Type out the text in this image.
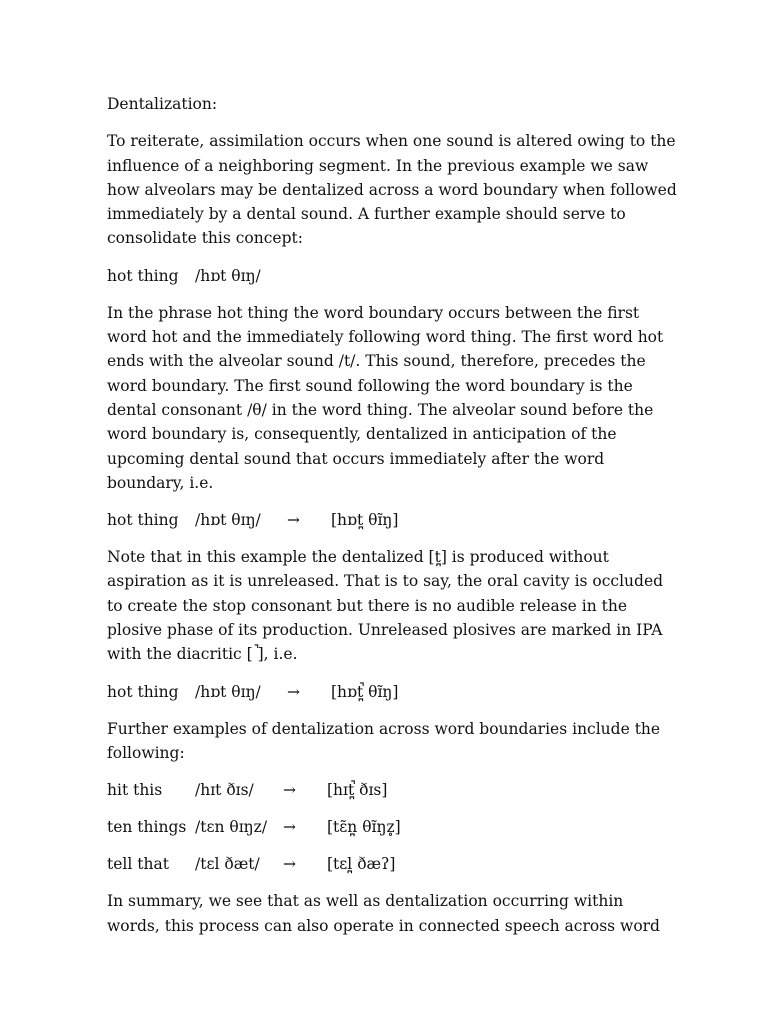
Dentalization:

To reiterate, assimilation occurs when one sound is altered owing to the influence of a neighboring segment. In the previous example we saw how alveolars may be dentalized across a word boundary when followed immediately by a dental sound. A further example should serve to consolidate this concept:

hot thing	/hɒt θɪŋ/

In the phrase hot thing the word boundary occurs between the first word hot and the immediately following word thing. The first word hot ends with the alveolar sound /t/. This sound, therefore, precedes the word boundary. The first sound following the word boundary is the dental consonant /θ/ in the word thing. The alveolar sound before the word boundary is, consequently, dentalized in anticipation of the upcoming dental sound that occurs immediately after the word boundary, i.e.

hot thing	/hɒt θɪŋ/	→	[hɒt̪ θɪ̃ŋ]

Note that in this example the dentalized [t̪] is produced without aspiration as it is unreleased. That is to say, the oral cavity is occluded to create the stop consonant but there is no audible release in the plosive phase of its production. Unreleased plosives are marked in IPA with the diacritic [ ̚], i.e.

hot thing	/hɒt θɪŋ/	→	[hɒt̪̚ θɪ̃ŋ]

Further examples of dentalization across word boundaries include the following:

hit this	/hɪt ðɪs/	→	[hɪt̪̚ ðɪs]
ten things /tɛn θɪŋz/	→	[tɛ̃n̪ θɪ̃ŋz̥]
tell that	/tɛl ðæt/	→	[tɛl̪ ðæʔ]

In summary, we see that as well as dentalization occurring within words, this process can also operate in connected speech across word
